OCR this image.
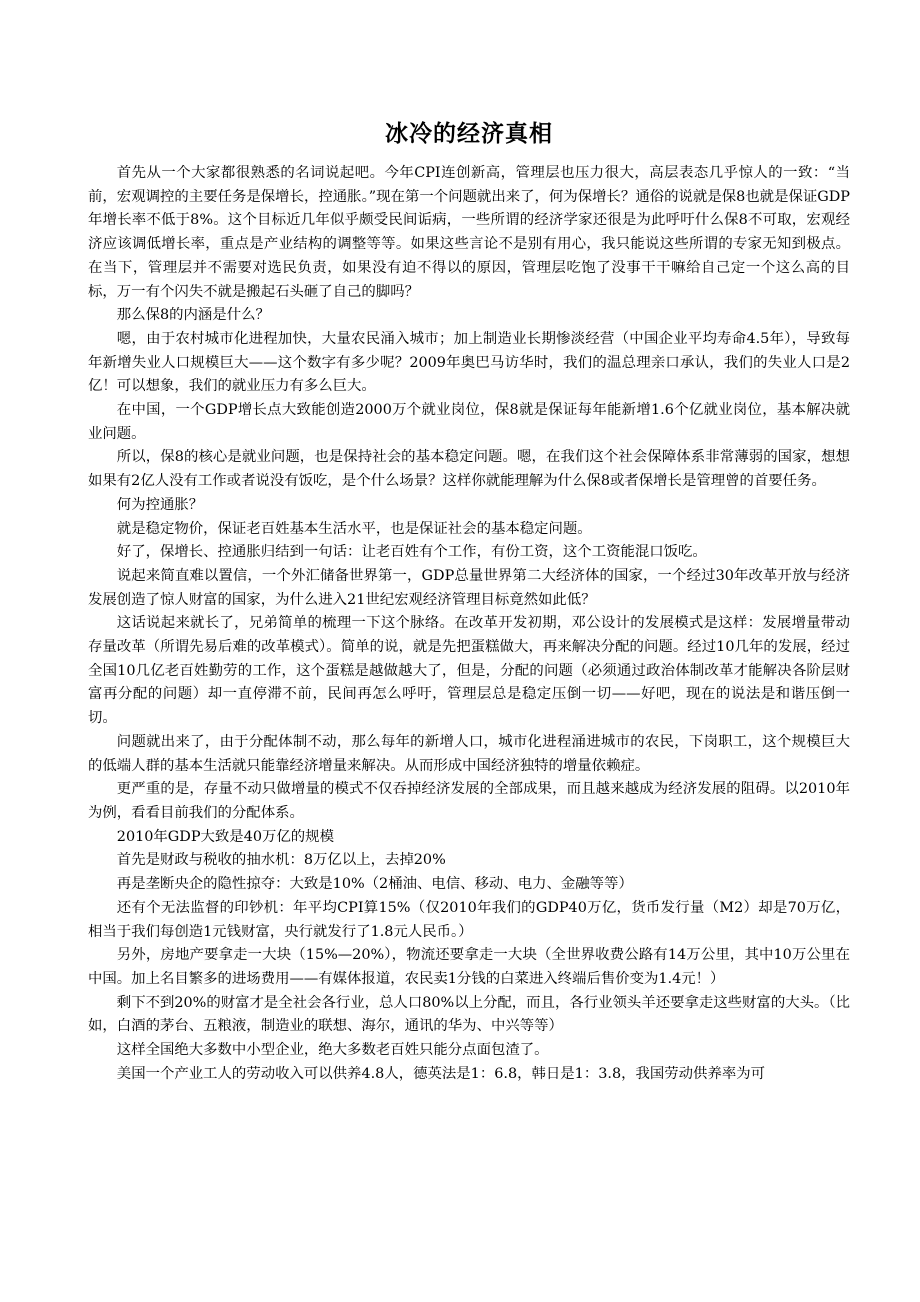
冰冷的经济真相

首先从一个大家都很熟悉的名词说起吧。今年CPI连创新高，管理层也压力很大，高层表态几乎惊人的一致：“当前，宏观调控的主要任务是保增长，控通胀。”现在第一个问题就出来了，何为保增长？通俗的说就是保8也就是保证GDP年增长率不低于8%。这个目标近几年似乎颇受民间诟病，一些所谓的经济学家还很是为此呼吁什么保8不可取，宏观经济应该调低增长率，重点是产业结构的调整等等。如果这些言论不是别有用心，我只能说这些所谓的专家无知到极点。在当下，管理层并不需要对选民负责，如果没有迫不得以的原因，管理层吃饱了没事干干嘛给自己定一个这么高的目标，万一有个闪失不就是搬起石头砸了自己的脚吗？

那么保8的内涵是什么？

嗯，由于农村城市化进程加快，大量农民涌入城市；加上制造业长期惨淡经营（中国企业平均寿命4.5年），导致每年新增失业人口规模巨大——这个数字有多少呢？2009年奥巴马访华时，我们的温总理亲口承认，我们的失业人口是2亿！可以想象，我们的就业压力有多么巨大。

在中国，一个GDP增长点大致能创造2000万个就业岗位，保8就是保证每年能新增1.6个亿就业岗位，基本解决就业问题。

所以，保8的核心是就业问题，也是保持社会的基本稳定问题。嗯，在我们这个社会保障体系非常薄弱的国家，想想如果有2亿人没有工作或者说没有饭吃，是个什么场景？这样你就能理解为什么保8或者保增长是管理曾的首要任务。

何为控通胀？

就是稳定物价，保证老百姓基本生活水平，也是保证社会的基本稳定问题。

好了，保增长、控通胀归结到一句话：让老百姓有个工作，有份工资，这个工资能混口饭吃。

说起来简直难以置信，一个外汇储备世界第一，GDP总量世界第二大经济体的国家，一个经过30年改革开放与经济发展创造了惊人财富的国家，为什么进入21世纪宏观经济管理目标竟然如此低？

这话说起来就长了，兄弟简单的梳理一下这个脉络。在改革开发初期，邓公设计的发展模式是这样：发展增量带动存量改革（所谓先易后难的改革模式）。简单的说，就是先把蛋糕做大，再来解决分配的问题。经过10几年的发展，经过全国10几亿老百姓勤劳的工作，这个蛋糕是越做越大了，但是，分配的问题（必须通过政治体制改革才能解决各阶层财富再分配的问题）却一直停滞不前，民间再怎么呼吁，管理层总是稳定压倒一切——好吧，现在的说法是和谐压倒一切。

问题就出来了，由于分配体制不动，那么每年的新增人口，城市化进程涌进城市的农民，下岗职工，这个规模巨大的低端人群的基本生活就只能靠经济增量来解决。从而形成中国经济独特的增量依赖症。

更严重的是，存量不动只做增量的模式不仅吞掉经济发展的全部成果，而且越来越成为经济发展的阻碍。以2010年为例，看看目前我们的分配体系。

2010年GDP大致是40万亿的规模

首先是财政与税收的抽水机：8万亿以上，去掉20%

再是垄断央企的隐性掠夺：大致是10%（2桶油、电信、移动、电力、金融等等）

还有个无法监督的印钞机：年平均CPI算15%（仅2010年我们的GDP40万亿，货币发行量（M2）却是70万亿，相当于我们每创造1元钱财富，央行就发行了1.8元人民币。）

另外，房地产要拿走一大块（15%—20%），物流还要拿走一大块（全世界收费公路有14万公里，其中10万公里在中国。加上名目繁多的进场费用——有媒体报道，农民卖1分钱的白菜进入终端后售价变为1.4元！）

剩下不到20%的财富才是全社会各行业，总人口80%以上分配，而且，各行业领头羊还要拿走这些财富的大头。（比如，白酒的茅台、五粮液，制造业的联想、海尔，通讯的华为、中兴等等）

这样全国绝大多数中小型企业，绝大多数老百姓只能分点面包渣了。

美国一个产业工人的劳动收入可以供养4.8人，德英法是1：6.8，韩日是1：3.8，我国劳动供养率为可
